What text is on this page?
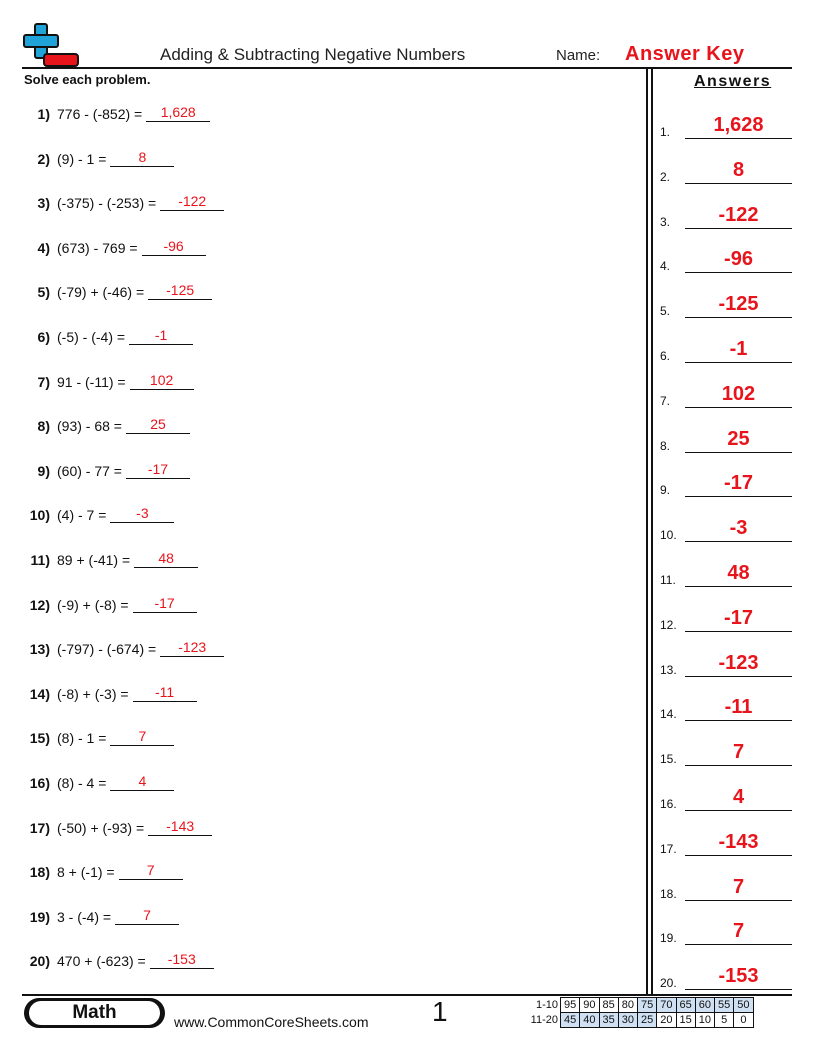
Adding & Subtracting Negative Numbers	Name: Answer Key
Solve each problem.	Answers
1) 776 - (-852) =	1,628
2) (9) - 1 =	8
3) (-375) - (-253) =	-122
4) (673) - 769 =	-96
5) (-79) + (-46) =	-125
6) (-5) - (-4) =	-1
7) 91 - (-11) =	102
8) (93) - 68 =	25
9) (60) - 77 =	-17
10) (4) - 7 =	-3
11) 89 + (-41) =	48
12) (-9) + (-8) =	-17
13) (-797) - (-674) =	-123
14) (-8) + (-3) =	-11
15) (8) - 1 =	7
16) (8) - 4 =	4
17) (-50) + (-93) =	-143
18) 8 + (-1) =	7
19) 3 - (-4) =	7
20) 470 + (-623) =	-153
1.	1,628
2.	8
3.	-122
4.	-96
5.	-125
6.	-1
7.	102
8.	25
9.	-17
10.	-3
11.	48
12.	-17
13.	-123
14.	-11
15.	7
16.	4
17.	-143
18.	7
19.	7
20.	-153
Math	www.CommonCoreSheets.com 1	1-10	95	90	85	80	75	70	65	60	55	50
11-20	45	40	35	30	25	20	15	10	5	0
